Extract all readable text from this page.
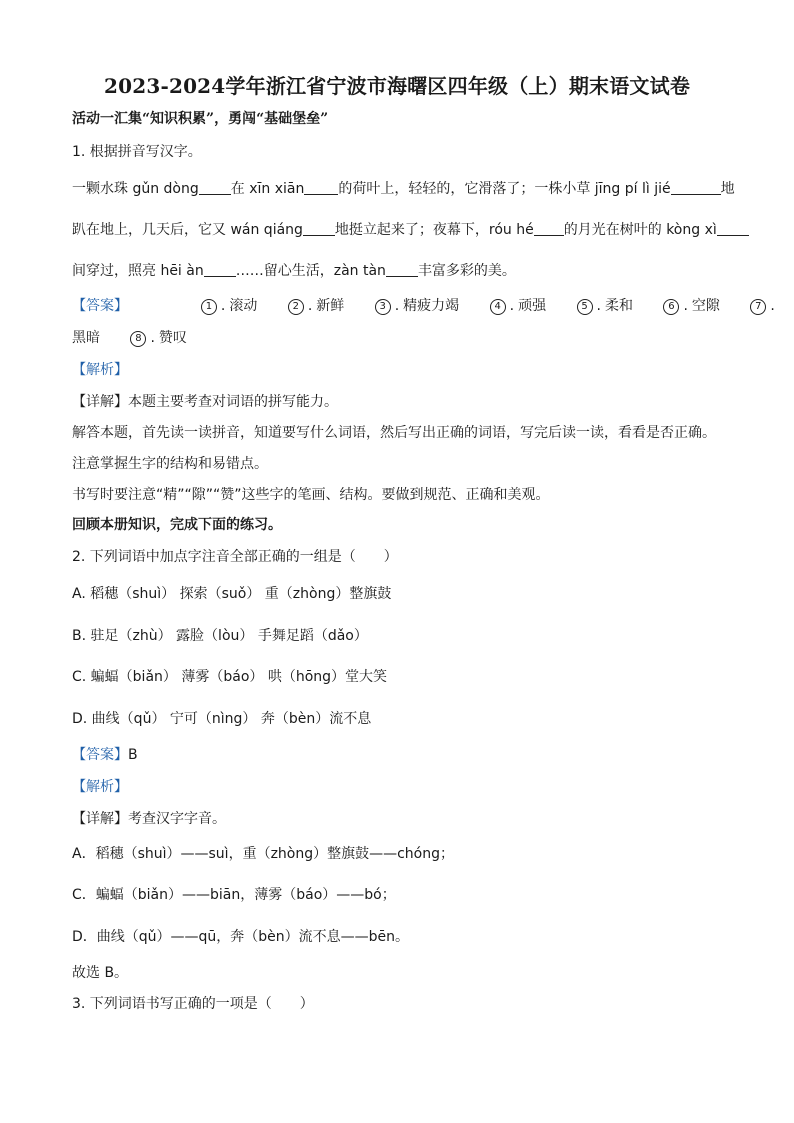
2023-2024学年浙江省宁波市海曙区四年级（上）期末语文试卷
活动一汇集“知识积累”，勇闯“基础堡垒”
1. 根据拼音写汉字。
一颗水珠 gǔn dòng 在 xīn xiān 的荷叶上，轻轻的，它滑落了；一株小草 jīng pí lì jié	地
趴在地上，几天后，它又 wán qiáng 地挺立起来了；夜幕下，róu hé 的月光在树叶的 kòng xì
间穿过，照亮 hēi àn ……留心生活，zàn tàn 丰富多彩的美。
【答案】	1 . 滚动	2 . 新鲜	3 . 精疲力竭	4 . 顽强	5 . 柔和	6 . 空隙	7 .
黑暗	8 . 赞叹
【解析】
【详解】本题主要考查对词语的拼写能力。
解答本题，首先读一读拼音，知道要写什么词语，然后写出正确的词语，写完后读一读，看看是否正确。
注意掌握生字的结构和易错点。
书写时要注意“精”“隙”“赞”这些字的笔画、结构。要做到规范、正确和美观。
回顾本册知识，完成下面的练习。
2. 下列词语中加点字注音全部正确的一组是（　　）
A. 稻穗（shuì） 探索（suǒ） 重（zhòng）整旗鼓
B. 驻足（zhù） 露脸（lòu） 手舞足蹈（dǎo）
C. 蝙蝠（biǎn） 薄雾（báo） 哄（hōng）堂大笑
D. 曲线（qǔ） 宁可（nìng） 奔（bèn）流不息
【答案】B
【解析】
【详解】考查汉字字音。
A．稻穗（shuì）——suì，重（zhòng）整旗鼓——chóng；
C．蝙蝠（biǎn）——biān，薄雾（báo）——bó；
D．曲线（qǔ）——qū，奔（bèn）流不息——bēn。
故选 B。
3. 下列词语书写正确的一项是（　　）
